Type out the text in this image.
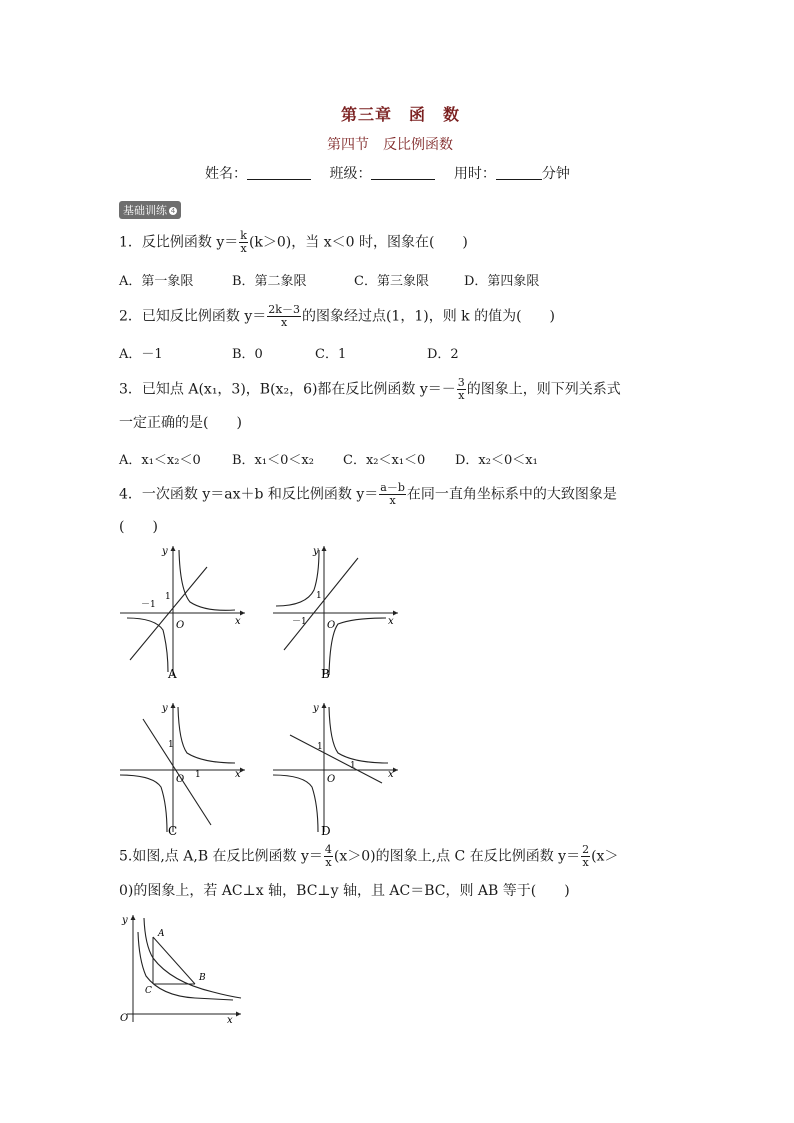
第三章　函　数
第四节　反比例函数
姓名：	班级：	用时：	分钟
基础训练 4
1．反比例函数 $y= \frac{k}{x} (k>0)$，当 x＜0 时，图象在(　　)
A．第一象限	B．第二象限	C．第三象限	D．第四象限
2．已知反比例函数 $y= \frac{2k-3}{x}$ 的图象经过点(1，1)，则 k 的值为(　　)
A．－1	B．0	C．1	D．2
3．已知点 A(x₁，3)，B(x₂，6)都在反比例函数 $y=- \frac{3}{x}$ 的图象上，则下列关系式
一定正确的是(　　)
A．x₁＜x₂＜0 B．x₁＜0＜x₂ C．x₂＜x₁＜0 D．x₂＜0＜x₁
4．一次函数 y＝ax＋b 和反比例函数 $y= \frac{a-b}{x}$ 在同一直角坐标系中的大致图象是
(　　)
x
y
O
1
－1
A
x
y
O
1
－1
B
x
y
O
1
1
C
x
y
O
1
1
D
5.如图,点 A,B 在反比例函数 $y= \frac{4}{x} (x>0)$的图象上,点 C 在反比例函数 $y= \frac{2}{x} (x>$
0)的图象上，若 AC⊥x 轴，BC⊥y 轴，且 AC＝BC，则 AB 等于(　　)
x
y
O
A
B
C
